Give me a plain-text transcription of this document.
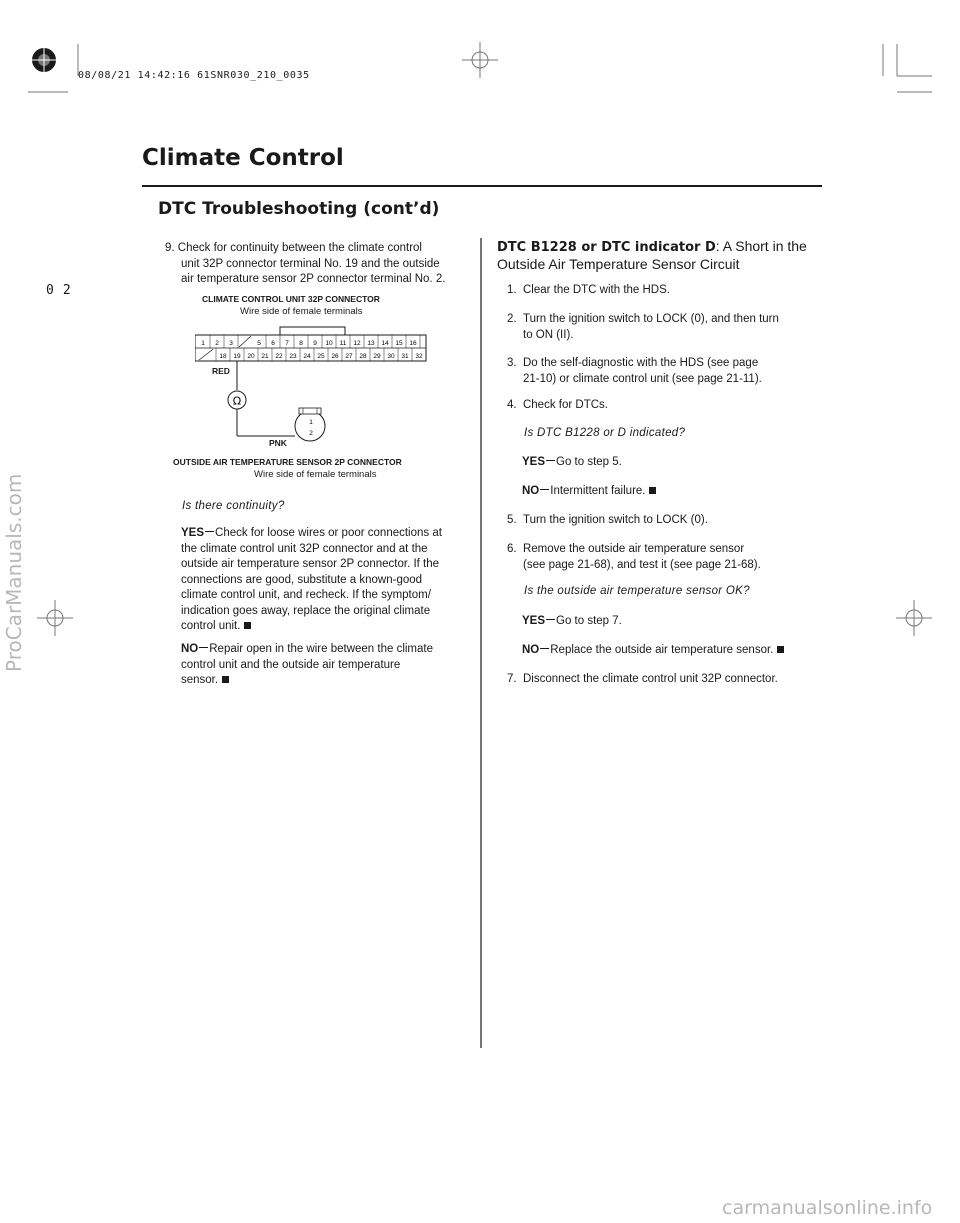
08/08/21 14:42:16 61SNR030_210_0035
Climate Control
DTC Troubleshooting (cont’d)
0 2
9. Check for continuity between the climate control
unit 32P connector terminal No. 19 and the outside
air temperature sensor 2P connector terminal No. 2.
CLIMATE CONTROL UNIT 32P CONNECTOR
Wire side of female terminals
1 2 3	5 6 7 8 9 10 11 12 13 14 15 16
18 19 20 21 22 23 24 25 26 27 28 29 30 31 32
Ω
1
2
RED
PNK
OUTSIDE AIR TEMPERATURE SENSOR 2P CONNECTOR
Wire side of female terminals
Is there continuity?
YES Check for loose wires or poor connections at
the climate control unit 32P connector and at the
outside air temperature sensor 2P connector. If the
connections are good, substitute a known-good
climate control unit, and recheck. If the symptom/
indication goes away, replace the original climate
control unit.
NO Repair open in the wire between the climate
control unit and the outside air temperature
sensor.
DTC B1228 or DTC indicator D: A Short in the
Outside Air Temperature Sensor Circuit
1. Clear the DTC with the HDS.
2. Turn the ignition switch to LOCK (0), and then turn
to ON (II).
3. Do the self-diagnostic with the HDS (see page
21-10) or climate control unit (see page 21-11).
4. Check for DTCs.
Is DTC B1228 or D indicated?
YES Go to step 5.
NO Intermittent failure.
5. Turn the ignition switch to LOCK (0).
6. Remove the outside air temperature sensor
(see page 21-68), and test it (see page 21-68).
Is the outside air temperature sensor OK?
YES Go to step 7.
NO Replace the outside air temperature sensor.
7. Disconnect the climate control unit 32P connector.
ProCarManuals.com
carmanualsonline.info
